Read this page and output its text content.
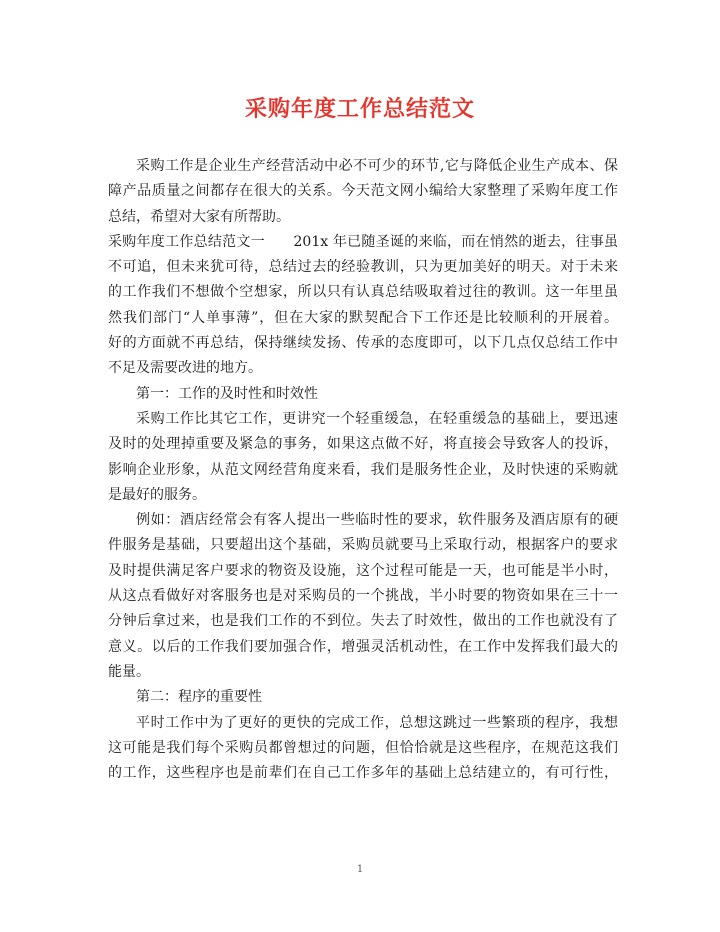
采购年度工作总结范文
采购工作是企业生产经营活动中必不可少的环节,它与降低企业生产成本、保
障产品质量之间都存在很大的关系。今天范文网小编给大家整理了采购年度工作
总结，希望对大家有所帮助。
采购年度工作总结范文一　　201x 年已随圣诞的来临，而在悄然的逝去，往事虽
不可追，但未来犹可待，总结过去的经验教训，只为更加美好的明天。对于未来
的工作我们不想做个空想家，所以只有认真总结吸取着过往的教训。这一年里虽
然我们部门“人单事薄”，但在大家的默契配合下工作还是比较顺利的开展着。
好的方面就不再总结，保持继续发扬、传承的态度即可，以下几点仅总结工作中
不足及需要改进的地方。
第一：工作的及时性和时效性
采购工作比其它工作，更讲究一个轻重缓急，在轻重缓急的基础上，要迅速
及时的处理掉重要及紧急的事务，如果这点做不好，将直接会导致客人的投诉，
影响企业形象，从范文网经营角度来看，我们是服务性企业，及时快速的采购就
是最好的服务。
例如：酒店经常会有客人提出一些临时性的要求，软件服务及酒店原有的硬
件服务是基础，只要超出这个基础，采购员就要马上采取行动，根据客户的要求
及时提供满足客户要求的物资及设施，这个过程可能是一天，也可能是半小时，
从这点看做好对客服务也是对采购员的一个挑战，半小时要的物资如果在三十一
分钟后拿过来，也是我们工作的不到位。失去了时效性，做出的工作也就没有了
意义。以后的工作我们要加强合作，增强灵活机动性，在工作中发挥我们最大的
能量。
第二：程序的重要性
平时工作中为了更好的更快的完成工作，总想这跳过一些繁琐的程序，我想
这可能是我们每个采购员都曾想过的问题，但恰恰就是这些程序，在规范这我们
的工作，这些程序也是前辈们在自己工作多年的基础上总结建立的，有可行性，
1
